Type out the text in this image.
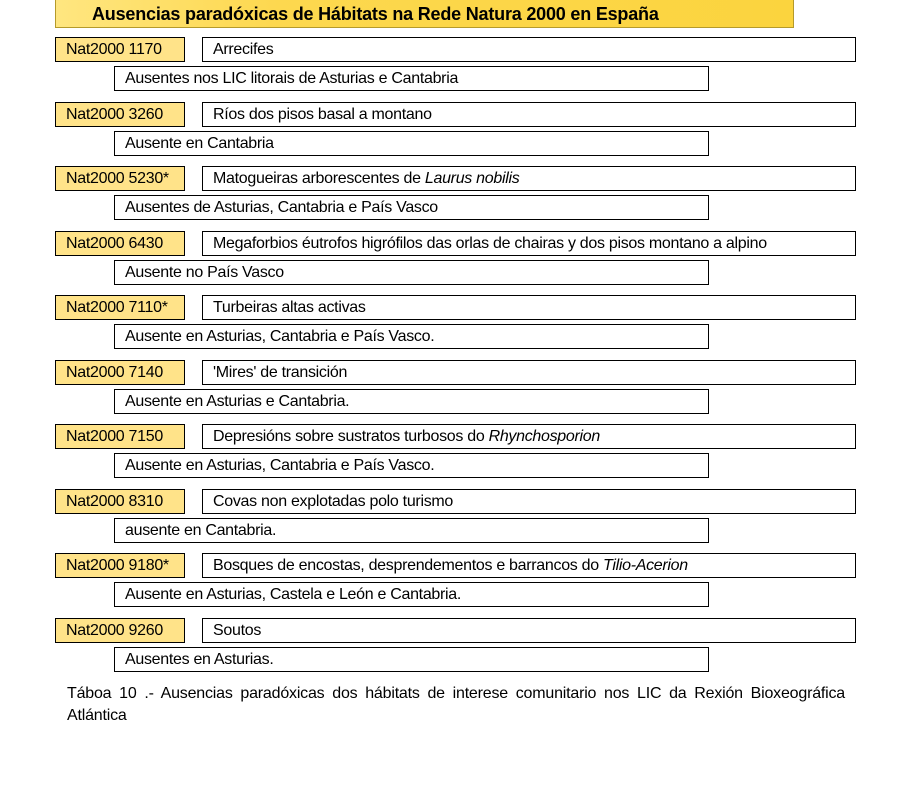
Ausencias paradóxicas de Hábitats na Rede Natura 2000 en España
Nat2000 1170	Arrecifes
Ausentes nos LIC litorais de Asturias e Cantabria
Nat2000 3260	Ríos dos pisos basal a montano
Ausente en Cantabria
Nat2000 5230*	Matogueiras arborescentes de Laurus nobilis
Ausentes de Asturias, Cantabria e País Vasco
Nat2000 6430	Megaforbios éutrofos higrófilos das orlas de chairas y dos pisos montano a alpino
Ausente no País Vasco
Nat2000 7110*	Turbeiras altas activas
Ausente en Asturias, Cantabria e País Vasco.
Nat2000 7140	'Mires' de transición
Ausente en Asturias e Cantabria.
Nat2000 7150	Depresións sobre sustratos turbosos do Rhynchosporion
Ausente en Asturias, Cantabria e País Vasco.
Nat2000 8310	Covas non explotadas polo turismo
ausente en Cantabria.
Nat2000 9180*	Bosques de encostas, desprendementos e barrancos do Tilio-Acerion
Ausente en Asturias, Castela e León e Cantabria.
Nat2000 9260	Soutos
Ausentes en Asturias.
Táboa 10 .- Ausencias paradóxicas dos hábitats de interese comunitario nos LIC da Rexión Bioxeográfica Atlántica
